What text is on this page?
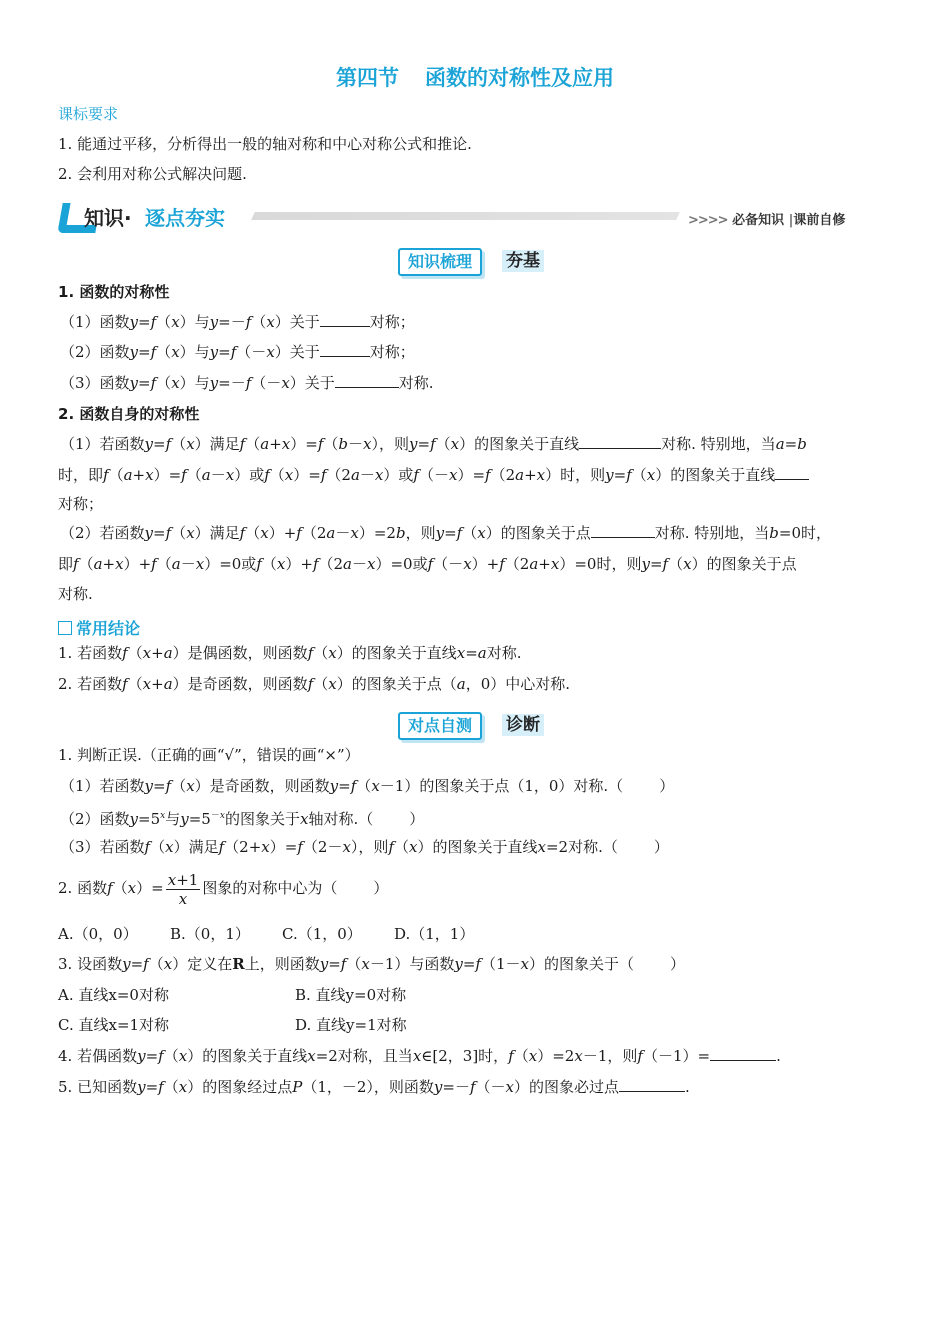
第四节 函数的对称性及应用
课标要求
1. 能通过平移，分析得出一般的轴对称和中心对称公式和推论.
2. 会利用对称公式解决问题.
知识· 逐点夯实	>>>> 必备知识 |课前自修
知识梳理	夯基
1. 函数的对称性
（1）函数y=f（x）与y=－f（x）关于	对称；
（2）函数y=f（x）与y=f（－x）关于	对称；
（3）函数y=f（x）与y=－f（－x）关于	对称.
2. 函数自身的对称性
（1）若函数y=f（x）满足f（a+x）=f（b－x），则y=f（x）的图象关于直线	对称. 特别地，当a=b
时，即f（a+x）=f（a－x）或f（x）=f（2a－x）或f（－x）=f（2a+x）时，则y=f（x）的图象关于直线
对称；
（2）若函数y=f（x）满足f（x）+f（2a－x）=2b，则y=f（x）的图象关于点	对称. 特别地，当b=0时，
即f（a+x）+f（a－x）=0或f（x）+f（2a－x）=0或f（－x）+f（2a+x）=0时，则y=f（x）的图象关于点
对称.
常用结论
1. 若函数f（x+a）是偶函数，则函数f（x）的图象关于直线x=a对称.
2. 若函数f（x+a）是奇函数，则函数f（x）的图象关于点（a，0）中心对称.
对点自测	诊断
1. 判断正误.（正确的画“√”，错误的画“×”）
（1）若函数y=f（x）是奇函数，则函数y=f（x－1）的图象关于点（1，0）对称.（ ）
（2）函数$y=5^x$与$y=5^{-x}$的图象关于x轴对称.（ ）
（3）若函数f（x）满足f（2+x）=f（2－x），则f（x）的图象关于直线x=2对称.（ ）
2. 函数$f(x)= \frac{x+1}{x}$ 图象的对称中心为（ ）
A.（0，0） B.（0，1） C.（1，0） D.（1，1）
3. 设函数y=f（x）定义在R上，则函数y=f（x－1）与函数y=f（1－x）的图象关于（ ）
A. 直线x=0对称	B. 直线y=0对称
C. 直线x=1对称	D. 直线y=1对称
4. 若偶函数y=f（x）的图象关于直线x=2对称，且当x∈[2，3]时，f（x）=2x－1，则f（－1）=	.
5. 已知函数y=f（x）的图象经过点P（1，－2），则函数y=－f（－x）的图象必过点	.
